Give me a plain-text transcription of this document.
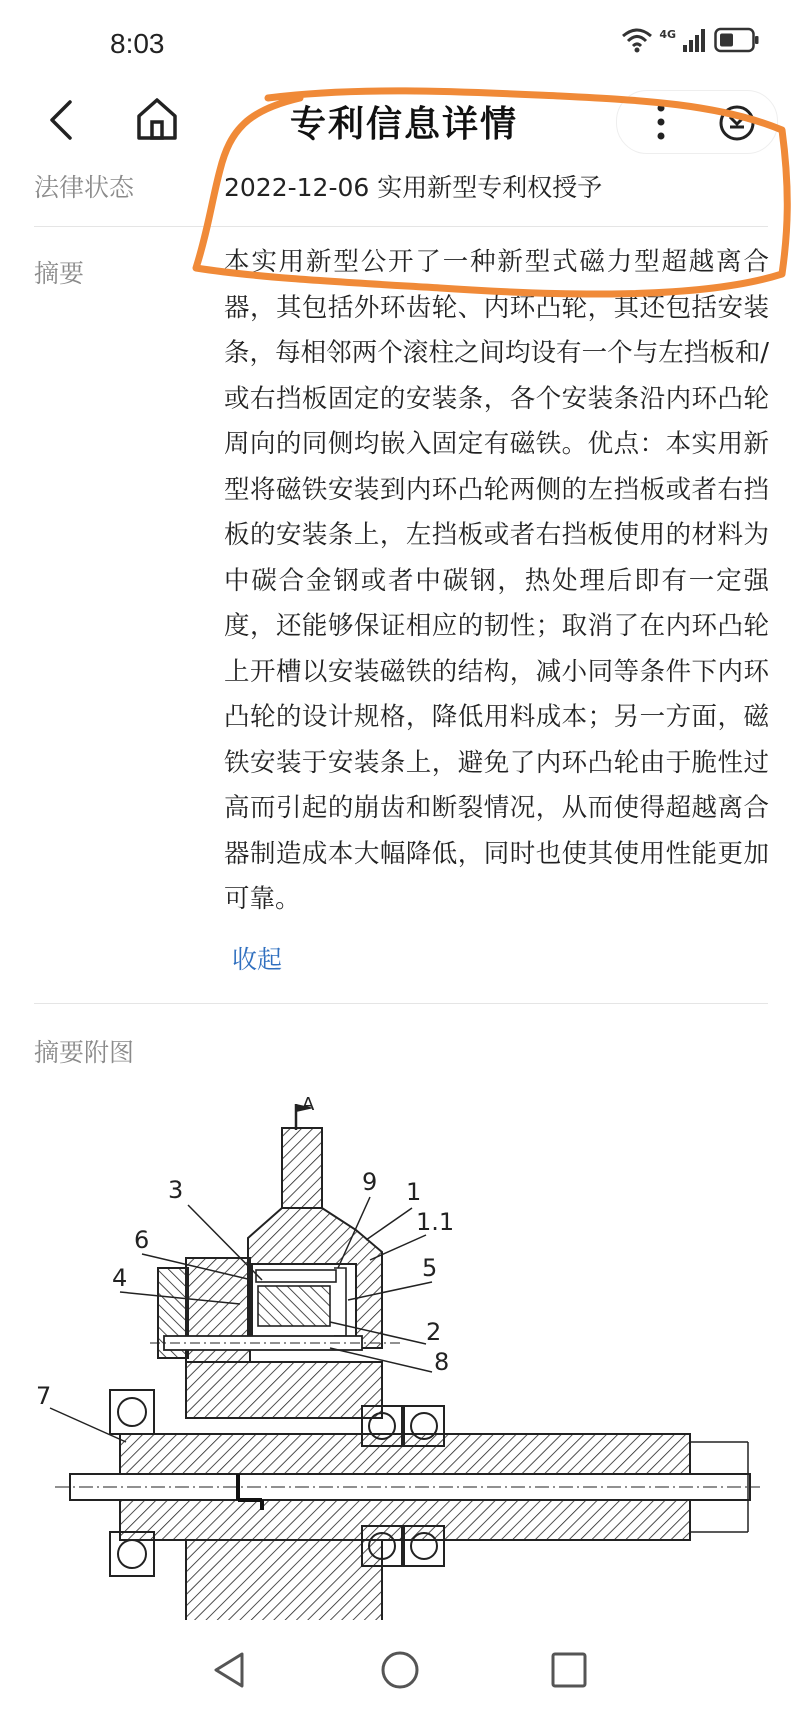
8:03	4G
专利信息详情
法律状态	2022-12-06 实用新型专利权授予
摘要	本实用新型公开了一种新型式磁力型超越离合器，其包括外环齿轮、内环凸轮，其还包括安装条，每相邻两个滚柱之间均设有一个与左挡板和/或右挡板固定的安装条，各个安装条沿内环凸轮周向的同侧均嵌入固定有磁铁。优点：本实用新型将磁铁安装到内环凸轮两侧的左挡板或者右挡板的安装条上，左挡板或者右挡板使用的材料为中碳合金钢或者中碳钢，热处理后即有一定强度，还能够保证相应的韧性；取消了在内环凸轮上开槽以安装磁铁的结构，减小同等条件下内环凸轮的设计规格，降低用料成本；另一方面，磁铁安装于安装条上，避免了内环凸轮由于脆性过高而引起的崩齿和断裂情况，从而使得超越离合器制造成本大幅降低，同时也使其使用性能更加可靠。
收起
摘要附图
A
3	9 1
1.1
6
4	5
2
8
7
